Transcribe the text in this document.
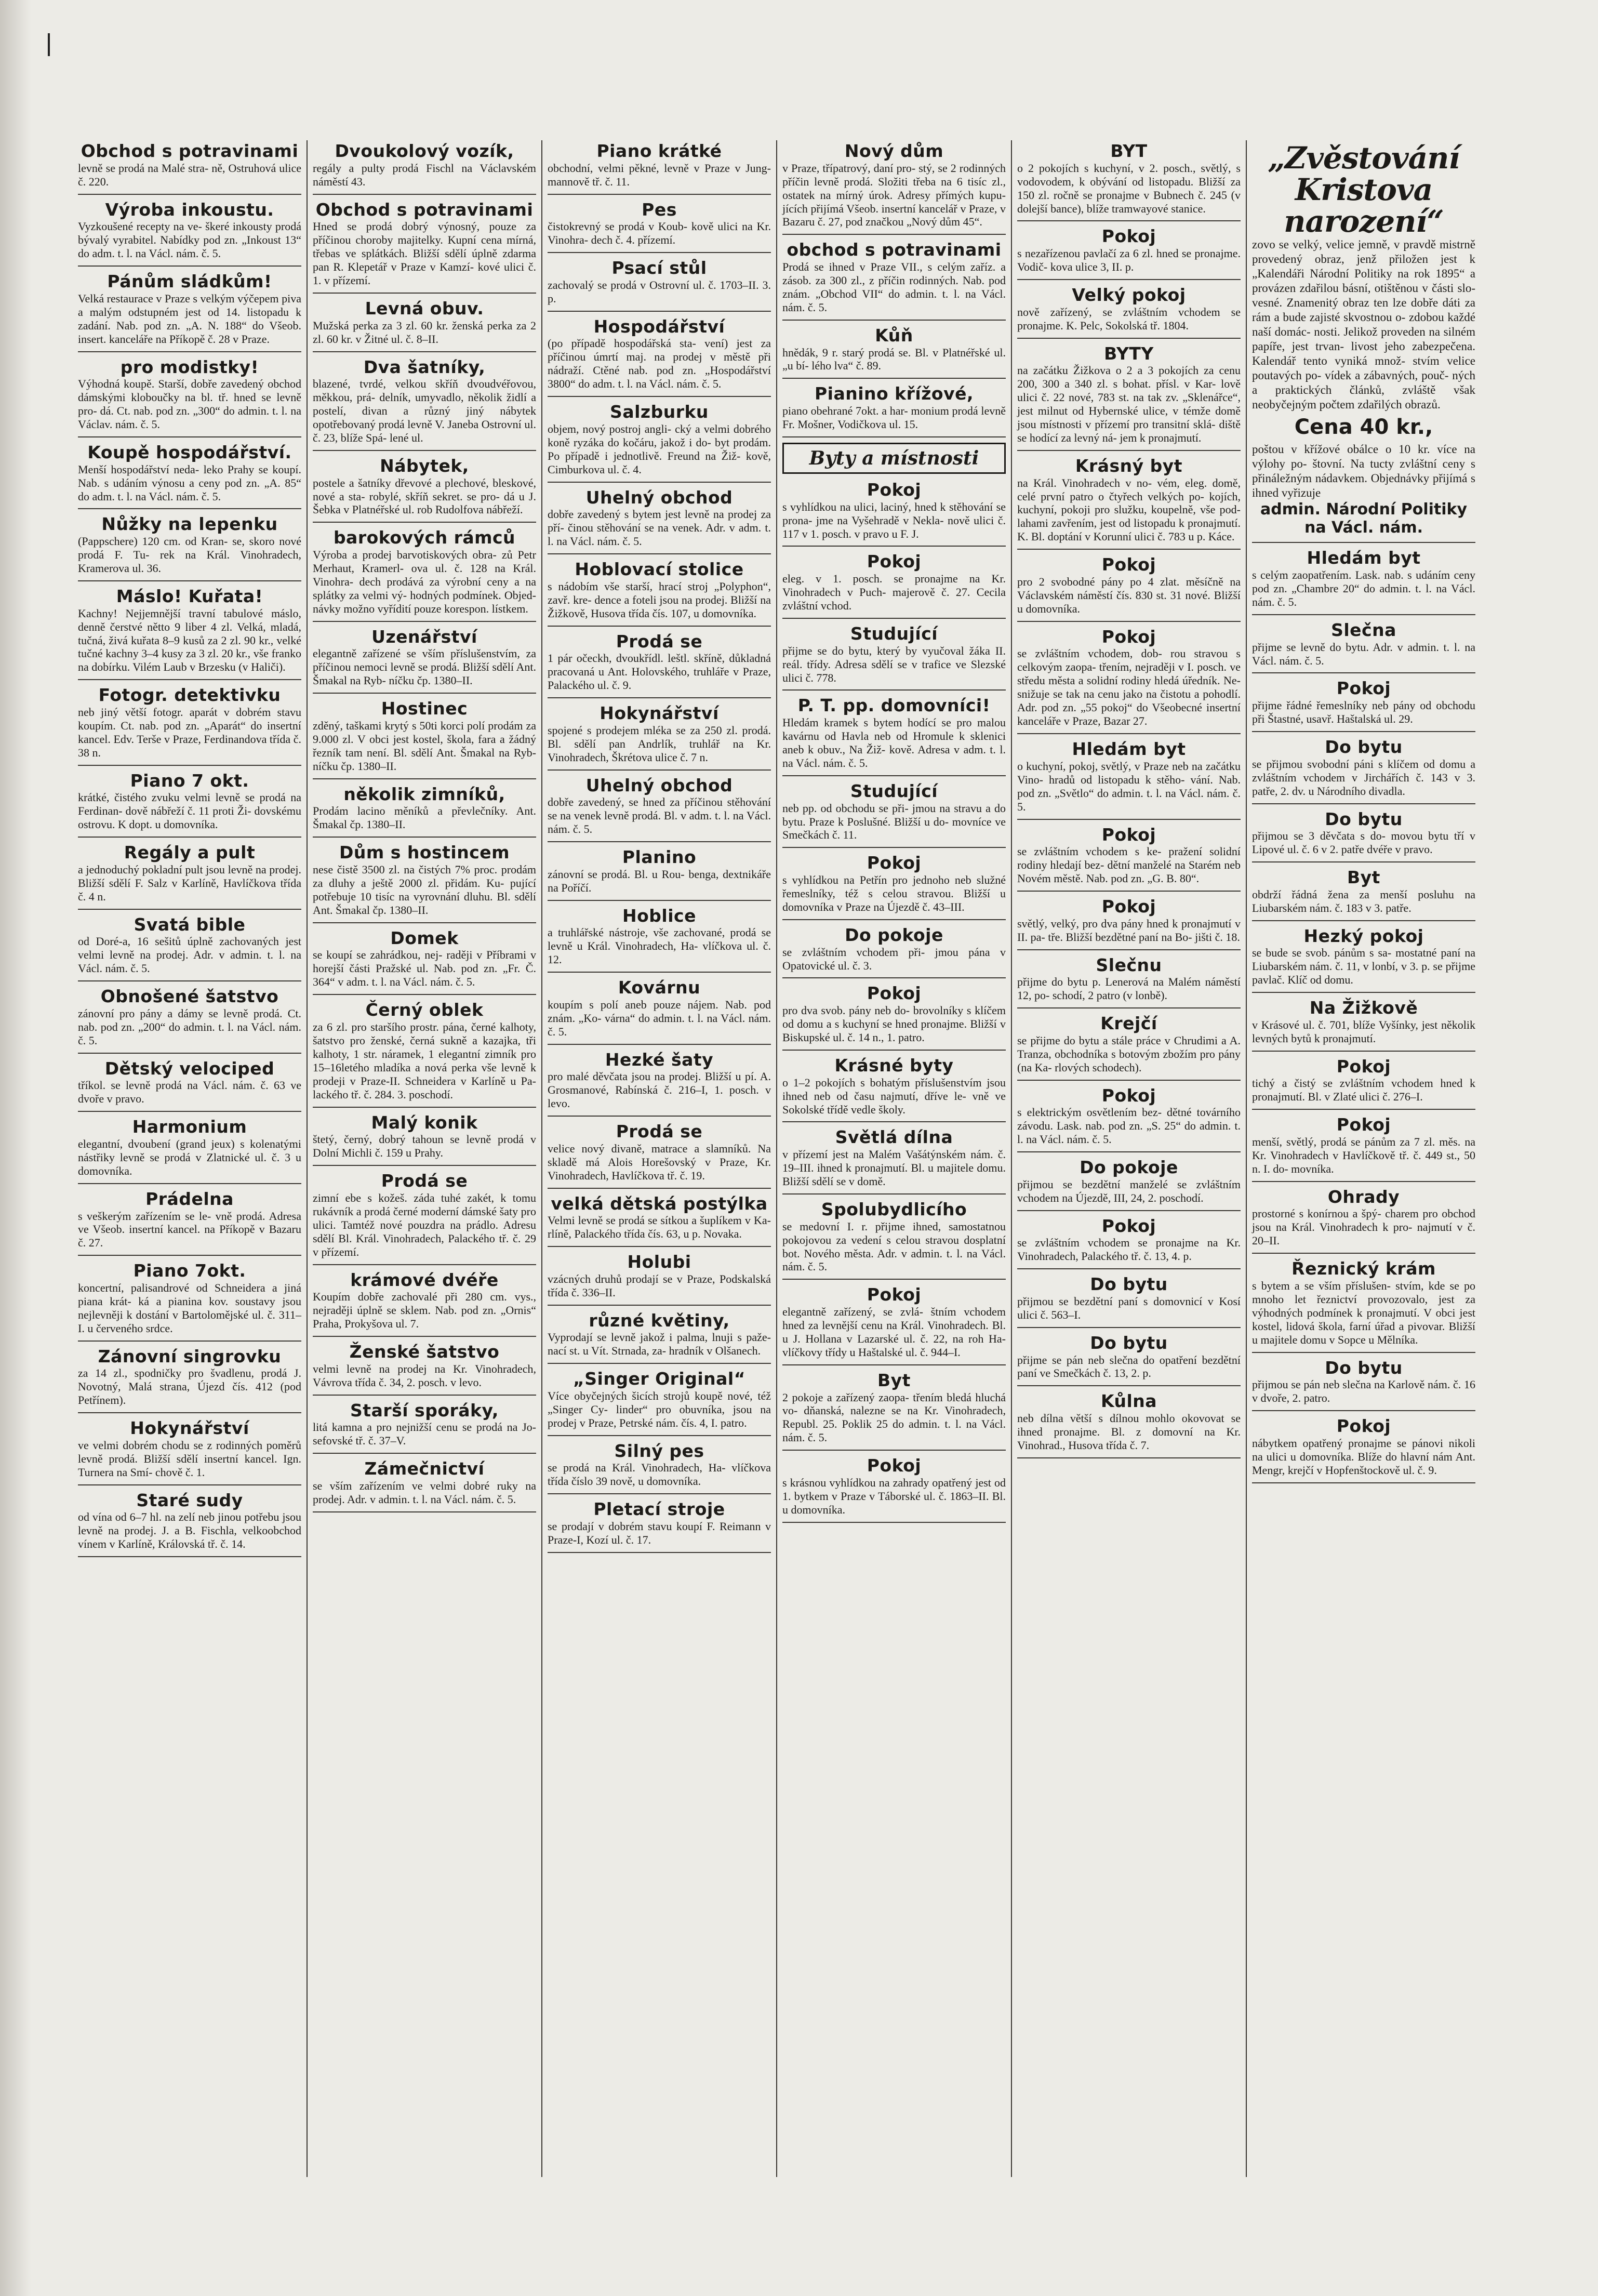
Obchod s potravinami
levně se prodá na Malé stra- ně, Ostruhová ulice č. 220.
Výroba inkoustu.
Vyzkoušené recepty na ve- škeré inkousty prodá bývalý vyrabitel. Nabídky pod zn. „Inkoust 13“ do adm. t. l. na Václ. nám. č. 5.
Pánům sládkům!
Velká restaurace v Praze s velkým výčepem piva a malým odstupném jest od 14. listopadu k zadání. Nab. pod zn. „A. N. 188“ do Všeob. insert. kanceláře na Příkopě č. 28 v Praze.
pro modistky!
Výhodná koupě. Starší, dobře zavedený obchod dámskými kloboučky na bl. tř. hned se levně pro- dá. Ct. nab. pod zn. „300“ do admin. t. l. na Václav. nám. č. 5.
Koupě hospodářství.
Menší hospodářství neda- leko Prahy se koupí. Nab. s udáním výnosu a ceny pod zn. „A. 85“ do adm. t. l. na Václ. nám. č. 5.
Nůžky na lepenku
(Pappschere) 120 cm. od Kran- se, skoro nové prodá F. Tu- rek na Král. Vinohradech, Kramerova ul. 36.
Máslo! Kuřata!
Kachny! Nejjemnější travní tabulové máslo, denně čerstvé nětto 9 liber 4 zl. Velká, mladá, tučná, živá kuřata 8–9 kusů za 2 zl. 90 kr., velké tučné kachny 3–4 kusy za 3 zl. 20 kr., vše franko na dobírku. Vilém Laub v Brzesku (v Haliči).
Fotogr. detektivku
neb jiný větší fotogr. aparát v dobrém stavu koupím. Ct. nab. pod zn. „Aparát“ do insertní kancel. Edv. Terše v Praze, Ferdinandova třída č. 38 n.
Piano 7 okt.
krátké, čistého zvuku velmi levně se prodá na Ferdinan- dově nábřeží č. 11 proti Ži- dovskému ostrovu. K dopt. u domovníka.
Regály a pult
a jednoduchý pokladní pult jsou levně na prodej. Bližší sdělí F. Salz v Karlíně, Havlíčkova třída č. 4 n.
Svatá bible
od Doré-a, 16 sešitů úplně zachovaných jest velmi levně na prodej. Adr. v admin. t. l. na Václ. nám. č. 5.
Obnošené šatstvo
zánovní pro pány a dámy se levně prodá. Ct. nab. pod zn. „200“ do admin. t. l. na Václ. nám. č. 5.
Dětský velociped
tříkol. se levně prodá na Václ. nám. č. 63 ve dvoře v pravo.
Harmonium
elegantní, dvoubení (grand jeux) s kolenatými nástřiky levně se prodá v Zlatnické ul. č. 3 u domovníka.
Prádelna
s veškerým zařízením se le- vně prodá. Adresa ve Všeob. insertní kancel. na Příkopě v Bazaru č. 27.
Piano 7okt.
koncertní, palisandrové od Schneidera a jiná piana krát- ká a pianina kov. soustavy jsou nejlevněji k dostání v Bartolomějské ul. č. 311–I. u červeného srdce.
Zánovní singrovku
za 14 zl., spodničky pro švadlenu, prodá J. Novotný, Malá strana, Újezd čís. 412 (pod Petřínem).
Hokynářství
ve velmi dobrém chodu se z rodinných poměrů levně prodá. Bližší sdělí insertní kancel. Ign. Turnera na Smí- chově č. 1.
Staré sudy
od vína od 6–7 hl. na zelí neb jinou potřebu jsou levně na prodej. J. a B. Fischla, velkoobchod vínem v Karlíně, Královská tř. č. 14.
Dvoukolový vozík,
regály a pulty prodá Fischl na Václavském náměstí 43.
Obchod s potravinami
Hned se prodá dobrý výnosný, pouze za příčinou choroby majitelky. Kupní cena mírná, třebas ve splátkách. Bližší sdělí úplně zdarma pan R. Klepetář v Praze v Kamzí- kové ulici č. 1. v přízemí.
Levná obuv.
Mužská perka za 3 zl. 60 kr. ženská perka za 2 zl. 60 kr. v Žitné ul. č. 8–II.
Dva šatníky,
blazené, tvrdé, velkou skříň dvoudvéřovou, měkkou, prá- delník, umyvadlo, několik židlí a postelí, divan a různý jiný nábytek opotřebovaný prodá levně V. Janeba Ostrovní ul. č. 23, blíže Spá- lené ul.
Nábytek,
postele a šatníky dřevové a plechové, bleskové, nové a sta- robylé, skříň sekret. se pro- dá u J. Šebka v Platnéřské ul. rob Rudolfova nábřeží.
barokových rámců
Výroba a prodej barvotiskových obra- zů Petr Merhaut, Kramerl- ova ul. č. 128 na Král. Vinohra- dech prodává za výrobní ceny a na splátky za velmi vý- hodných podmínek. Objed- návky možno vyřídití pouze korespon. lístkem.
Uzenářství
elegantně zařízené se vším příslušenstvím, za příčinou nemoci levně se prodá. Bližší sdělí Ant. Šmakal na Ryb- níčku čp. 1380–II.
Hostinec
zděný, taškami krytý s 50ti korci polí prodám za 9.000 zl. V obci jest kostel, škola, fara a žádný řezník tam není. Bl. sdělí Ant. Šmakal na Ryb- níčku čp. 1380–II.
několik zimníků,
Prodám lacino měníků a převlečníky. Ant. Šmakal čp. 1380–II.
Dům s hostincem
nese čistě 3500 zl. na čistých 7% proc. prodám za dluhy a ještě 2000 zl. přidám. Ku- pující potřebuje 10 tisíc na vyrovnání dluhu. Bl. sdělí Ant. Šmakal čp. 1380–II.
Domek
se koupí se zahrádkou, nej- raději v Příbrami v horejší části Pražské ul. Nab. pod zn. „Fr. Č. 364“ v adm. t. l. na Václ. nám. č. 5.
Černý oblek
za 6 zl. pro staršího prostr. pána, černé kalhoty, šatstvo pro ženské, černá sukně a kazajka, tři kalhoty, 1 str. náramek, 1 elegantní zimník pro 15–16letého mladíka a nová perka vše levně k prodeji v Praze-II. Schneidera v Karlíně u Pa- lackého tř. č. 284. 3. poschodí.
Malý konik
štetý, černý, dobrý tahoun se levně prodá v Dolní Michli č. 159 u Prahy.
Prodá se
zimní ebe s kožeš. záda tuhé zakét, k tomu rukávník a prodá černé moderní dámské šaty pro ulici. Tamtéž nové pouzdra na prádlo. Adresu sdělí Bl. Král. Vinohradech, Palackého tř. č. 29 v přízemí.
krámové dvéře
Koupím dobře zachovalé při 280 cm. vys., nejraději úplně se sklem. Nab. pod zn. „Ornis“ Praha, Prokyšova ul. 7.
Ženské šatstvo
velmi levně na prodej na Kr. Vinohradech, Vávrova třída č. 34, 2. posch. v levo.
Starší sporáky,
litá kamna a pro nejnižší cenu se prodá na Jo- sefovské tř. č. 37–V.
Zámečnictví
se vším zařízením ve velmi dobré ruky na prodej. Adr. v admin. t. l. na Václ. nám. č. 5.
Piano krátké
obchodní, velmi pěkné, levně v Praze v Jung- mannově tř. č. 11.
Pes
čistokrevný se prodá v Koub- kově ulici na Kr. Vinohra- dech č. 4. přízemí.
Psací stůl
zachovalý se prodá v Ostrovní ul. č. 1703–II. 3. p.
Hospodářství
(po případě hospodářská sta- vení) jest za příčinou úmrtí maj. na prodej v městě při nádraží. Ctěné nab. pod zn. „Hospodářství 3800“ do adm. t. l. na Václ. nám. č. 5.
Salzburku
objem, nový postroj angli- cký a velmi dobrého koně ryzáka do kočáru, jakož i do- byt prodám. Po případě i jednotlivě. Freund na Žiž- kově, Cimburkova ul. č. 4.
Uhelný obchod
dobře zavedený s bytem jest levně na prodej za pří- činou stěhování se na venek. Adr. v adm. t. l. na Václ. nám. č. 5.
Hoblovací stolice
s nádobím vše starší, hrací stroj „Polyphon“, zavř. kre- dence a foteli jsou na prodej. Bližší na Žižkově, Husova třída čís. 107, u domovníka.
Prodá se
1 pár očeckh, dvoukřídl. leštl. skříně, důkladná pracovaná u Ant. Holovského, truhláře v Praze, Palackého ul. č. 9.
Hokynářství
spojené s prodejem mléka se za 250 zl. prodá. Bl. sdělí pan Andrlík, truhlář na Kr. Vinohradech, Škrétova ulice č. 7 n.
Uhelný obchod
dobře zavedený, se hned za příčinou stěhování se na venek levně prodá. Bl. v adm. t. l. na Václ. nám. č. 5.
Planino
zánovní se prodá. Bl. u Rou- benga, dextnikáře na Poříčí.
Hoblice
a truhlářské nástroje, vše zachované, prodá se levně u Král. Vinohradech, Ha- vlíčkova ul. č. 12.
Kovárnu
koupím s polí aneb pouze nájem. Nab. pod znám. „Ko- várna“ do admin. t. l. na Václ. nám. č. 5.
Hezké šaty
pro malé děvčata jsou na prodej. Bližší u pí. A. Grosmanové, Rabínská č. 216–I, 1. posch. v levo.
Prodá se
velice nový divaně, matrace a slamníků. Na skladě má Alois Horešovský v Praze, Kr. Vinohradech, Havlíčkova tř. č. 19.
velká dětská postýlka
Velmi levně se prodá se sítkou a šuplíkem v Ka- rlíně, Palackého třída čís. 63, u p. Novaka.
Holubi
vzácných druhů prodají se v Praze, Podskalská třída č. 336–II.
různé květiny,
Vyprodají se levně jakož i palma, lnuji s paže- nací st. u Vít. Strnada, za- hradník v Olšanech.
„Singer Original“
Více obyčejných šicích strojů koupě nové, též „Singer Cy- linder“ pro obuvníka, jsou na prodej v Praze, Petrské nám. čís. 4, I. patro.
Silný pes
se prodá na Král. Vinohradech, Ha- vlíčkova třída číslo 39 nově, u domovníka.
Pletací stroje
se prodají v dobrém stavu koupí F. Reimann v Praze-I, Kozí ul. č. 17.
Nový dům
v Praze, třípatrový, daní pro- stý, se 2 rodinných příčin levně prodá. Složiti třeba na 6 tisíc zl., ostatek na mírný úrok. Adresy přímých kupu- jících přijímá Všeob. insertní kancelář v Praze, v Bazaru č. 27, pod značkou „Nový dům 45“.
obchod s potravinami
Prodá se ihned v Praze VII., s celým zaříz. a zásob. za 300 zl., z příčin rodinných. Nab. pod znám. „Obchod VII“ do admin. t. l. na Václ. nám. č. 5.
Kůň
hnědák, 9 r. starý prodá se. Bl. v Platnéřské ul. „u bí- lého lva“ č. 89.
Pianino křížové,
piano obehrané 7okt. a har- monium prodá levně Fr. Mošner, Vodičkova ul. 15.
Byty a místnosti
Pokoj
s vyhlídkou na ulici, laciný, hned k stěhování se prona- jme na Vyšehradě v Nekla- nově ulici č. 117 v 1. posch. v pravo u F. J.
Pokoj
eleg. v 1. posch. se pronajme na Kr. Vinohradech v Puch- majerově č. 27. Cecila zvláštní vchod.
Studující
přijme se do bytu, který by vyučoval žáka II. reál. třídy. Adresa sdělí se v trafice ve Slezské ulici č. 778.
P. T. pp. domovníci!
Hledám kramek s bytem hodící se pro malou kavárnu od Havla neb od Hromule k sklenici aneb k obuv., Na Žiž- kově. Adresa v adm. t. l. na Václ. nám. č. 5.
Studující
neb pp. od obchodu se při- jmou na stravu a do bytu. Praze k Poslušné. Bližší u do- movníce ve Smečkách č. 11.
Pokoj
s vyhlídkou na Petřín pro jednoho neb služné řemeslníky, též s celou stravou. Bližší u domovníka v Praze na Újezdě č. 43–III.
Do pokoje
se zvláštním vchodem při- jmou pána v Opatovické ul. č. 3.
Pokoj
pro dva svob. pány neb do- brovolníky s klíčem od domu a s kuchyní se hned pronajme. Bližší v Biskupské ul. č. 14 n., 1. patro.
Krásné byty
o 1–2 pokojích s bohatým příslušenstvím jsou ihned neb od času najmutí, dříve le- vně ve Sokolské třídě vedle školy.
Světlá dílna
v přízemí jest na Malém Vašátýnském nám. č. 19–III. ihned k pronajmutí. Bl. u majitele domu. Bližší sdělí se v domě.
Spolubydlicího
se medovní I. r. přijme ihned, samostatnou pokojovou za vedení s celou stravou dosplatní bot. Nového města. Adr. v admin. t. l. na Václ. nám. č. 5.
Pokoj
elegantně zařízený, se zvlá- štním vchodem hned za levnější cenu na Král. Vinohradech. Bl. u J. Hollana v Lazarské ul. č. 22, na roh Ha- vlíčkovy třídy u Haštalské ul. č. 944–I.
Byt
2 pokoje a zařízený zaopa- třením bledá hluchá vo- dňanská, nalezne se na Kr. Vinohradech, Republ. 25. Poklik 25 do admin. t. l. na Václ. nám. č. 5.
Pokoj
s krásnou vyhlídkou na zahrady opatřený jest od 1. bytkem v Praze v Táborské ul. č. 1863–II. Bl. u domovníka.
BYT
o 2 pokojích s kuchyní, v 2. posch., světlý, s vodovodem, k obývání od listopadu. Bližší za 150 zl. ročně se pronajme v Bubnech č. 245 (v dolejší bance), blíže tramwayové stanice.
Pokoj
s nezařízenou pavlačí za 6 zl. hned se pronajme. Vodič- kova ulice 3, II. p.
Velký pokoj
nově zařízený, se zvláštním vchodem se pronajme. K. Pelc, Sokolská tř. 1804.
BYTY
na začátku Žižkova o 2 a 3 pokojích za cenu 200, 300 a 340 zl. s bohat. přísl. v Kar- lově ulici č. 22 nové, 783 st. na tak zv. „Sklenářce“, jest milnut od Hybernské ulice, v témže domě jsou místnosti v přízemí pro transitní sklá- diště se hodící za levný ná- jem k pronajmutí.
Krásný byt
na Král. Vinohradech v no- vém, eleg. domě, celé první patro o čtyřech velkých po- kojích, kuchyní, pokoji pro služku, koupelně, vše pod- lahami zavřením, jest od listopadu k pronajmutí. K. Bl. doptání v Korunní ulici č. 783 u p. Káce.
Pokoj
pro 2 svobodné pány po 4 zlat. měsíčně na Václavském náměstí čís. 830 st. 31 nové. Bližší u domovníka.
Pokoj
se zvláštním vchodem, dob- rou stravou s celkovým zaopa- třením, nejraději v I. posch. ve středu města a solidní rodiny hledá úředník. Ne- snižuje se tak na cenu jako na čistotu a pohodlí. Adr. pod zn. „55 pokoj“ do Všeobecné insertní kanceláře v Praze, Bazar 27.
Hledám byt
o kuchyní, pokoj, světlý, v Praze neb na začátku Vino- hradů od listopadu k stěho- vání. Nab. pod zn. „Světlo“ do admin. t. l. na Václ. nám. č. 5.
Pokoj
se zvláštním vchodem s ke- pražení solidní rodiny hledají bez- dětní manželé na Starém neb Novém městě. Nab. pod zn. „G. B. 80“.
Pokoj
světlý, velký, pro dva pány hned k pronajmutí v II. pa- tře. Bližší bezdětné paní na Bo- jišti č. 18.
Slečnu
přijme do bytu p. Lenerová na Malém náměstí 12, po- schodí, 2 patro (v lonbě).
Krejčí
se přijme do bytu a stále práce v Chrudimi a A. Tranza, obchodníka s botovým zbožím pro pány (na Ka- rlových schodech).
Pokoj
s elektrickým osvětlením bez- dětné továrního závodu. Lask. nab. pod zn. „S. 25“ do admin. t. l. na Václ. nám. č. 5.
Do pokoje
přijmou se bezdětní manželé se zvláštním vchodem na Újezdě, III, 24, 2. poschodí.
Pokoj
se zvláštním vchodem se pronajme na Kr. Vinohradech, Palackého tř. č. 13, 4. p.
Do bytu
přijmou se bezdětní paní s domovnicí v Kosí ulici č. 563–I.
Do bytu
přijme se pán neb slečna do opatření bezdětní paní ve Smečkách č. 13, 2. p.
Kůlna
neb dílna větší s dílnou mohlo okovovat se ihned pronajme. Bl. z domovní na Kr. Vinohrad., Husova třída č. 7.
„Zvěstování Kristova narození“
zovo se velký, velice jemně, v pravdě mistrně provedený obraz, jenž přiložen jest k „Kalendáři Národní Politiky na rok 1895“ a provázen zdařilou básní, otištěnou v části slo- vesné. Znamenitý obraz ten lze dobře dáti za rám a bude zajisté skvostnou o- zdobou každé naší domác- nosti. Jelikož proveden na silném papíře, jest trvan- livost jeho zabezpečena. Kalendář tento vyniká množ- stvím velice poutavých po- vídek a zábavných, pouč- ných a praktických článků, zvláště však neobyčejným počtem zdařilých obrazů.
Cena 40 kr.,
poštou v křížové obálce o 10 kr. více na výlohy po- štovní. Na tucty zvláštní ceny s přináležným nádavkem. Objednávky přijímá s ihned vyřizuje
admin. Národní Politiky na Václ. nám.
Hledám byt
s celým zaopatřením. Lask. nab. s udáním ceny pod zn. „Chambre 20“ do admin. t. l. na Václ. nám. č. 5.
Slečna
přijme se levně do bytu. Adr. v admin. t. l. na Václ. nám. č. 5.
Pokoj
přijme řádné řemeslníky neb pány od obchodu při Štastné, usavř. Haštalská ul. 29.
Do bytu
se přijmou svobodní páni s klíčem od domu a zvláštním vchodem v Jirchářích č. 143 v 3. patře, 2. dv. u Národního divadla.
Do bytu
přijmou se 3 děvčata s do- movou bytu tří v Lipové ul. č. 6 v 2. patře dvéře v pravo.
Byt
obdrží řádná žena za menší posluhu na Liubarském nám. č. 183 v 3. patře.
Hezký pokoj
se bude se svob. pánům s sa- mostatné paní na Liubarském nám. č. 11, v lonbí, v 3. p. se přijme pavlač. Klíč od domu.
Na Žižkově
v Krásové ul. č. 701, blíže Vyšínky, jest několik levných bytů k pronajmutí.
Pokoj
tichý a čistý se zvláštním vchodem hned k pronajmutí. Bl. v Zlaté ulici č. 276–I.
Pokoj
menší, světlý, prodá se pánům za 7 zl. měs. na Kr. Vinohradech v Havlíčkově tř. č. 449 st., 50 n. I. do- movníka.
Ohrady
prostorné s konírnou a špý- charem pro obchod jsou na Král. Vinohradech k pro- najmutí v č. 20–II.
Řeznický krám
s bytem a se vším příslušen- stvím, kde se po mnoho let řeznictví provozovalo, jest za výhodných podmínek k pronajmutí. V obci jest kostel, lidová škola, farní úřad a pivovar. Bližší u majitele domu v Sopce u Mělníka.
Do bytu
přijmou se pán neb slečna na Karlově nám. č. 16 v dvoře, 2. patro.
Pokoj
nábytkem opatřený pronajme se pánovi nikoli na ulici u domovníka. Blíže do hlavní nám Ant. Mengr, krejčí v Hopfenštockově ul. č. 9.
